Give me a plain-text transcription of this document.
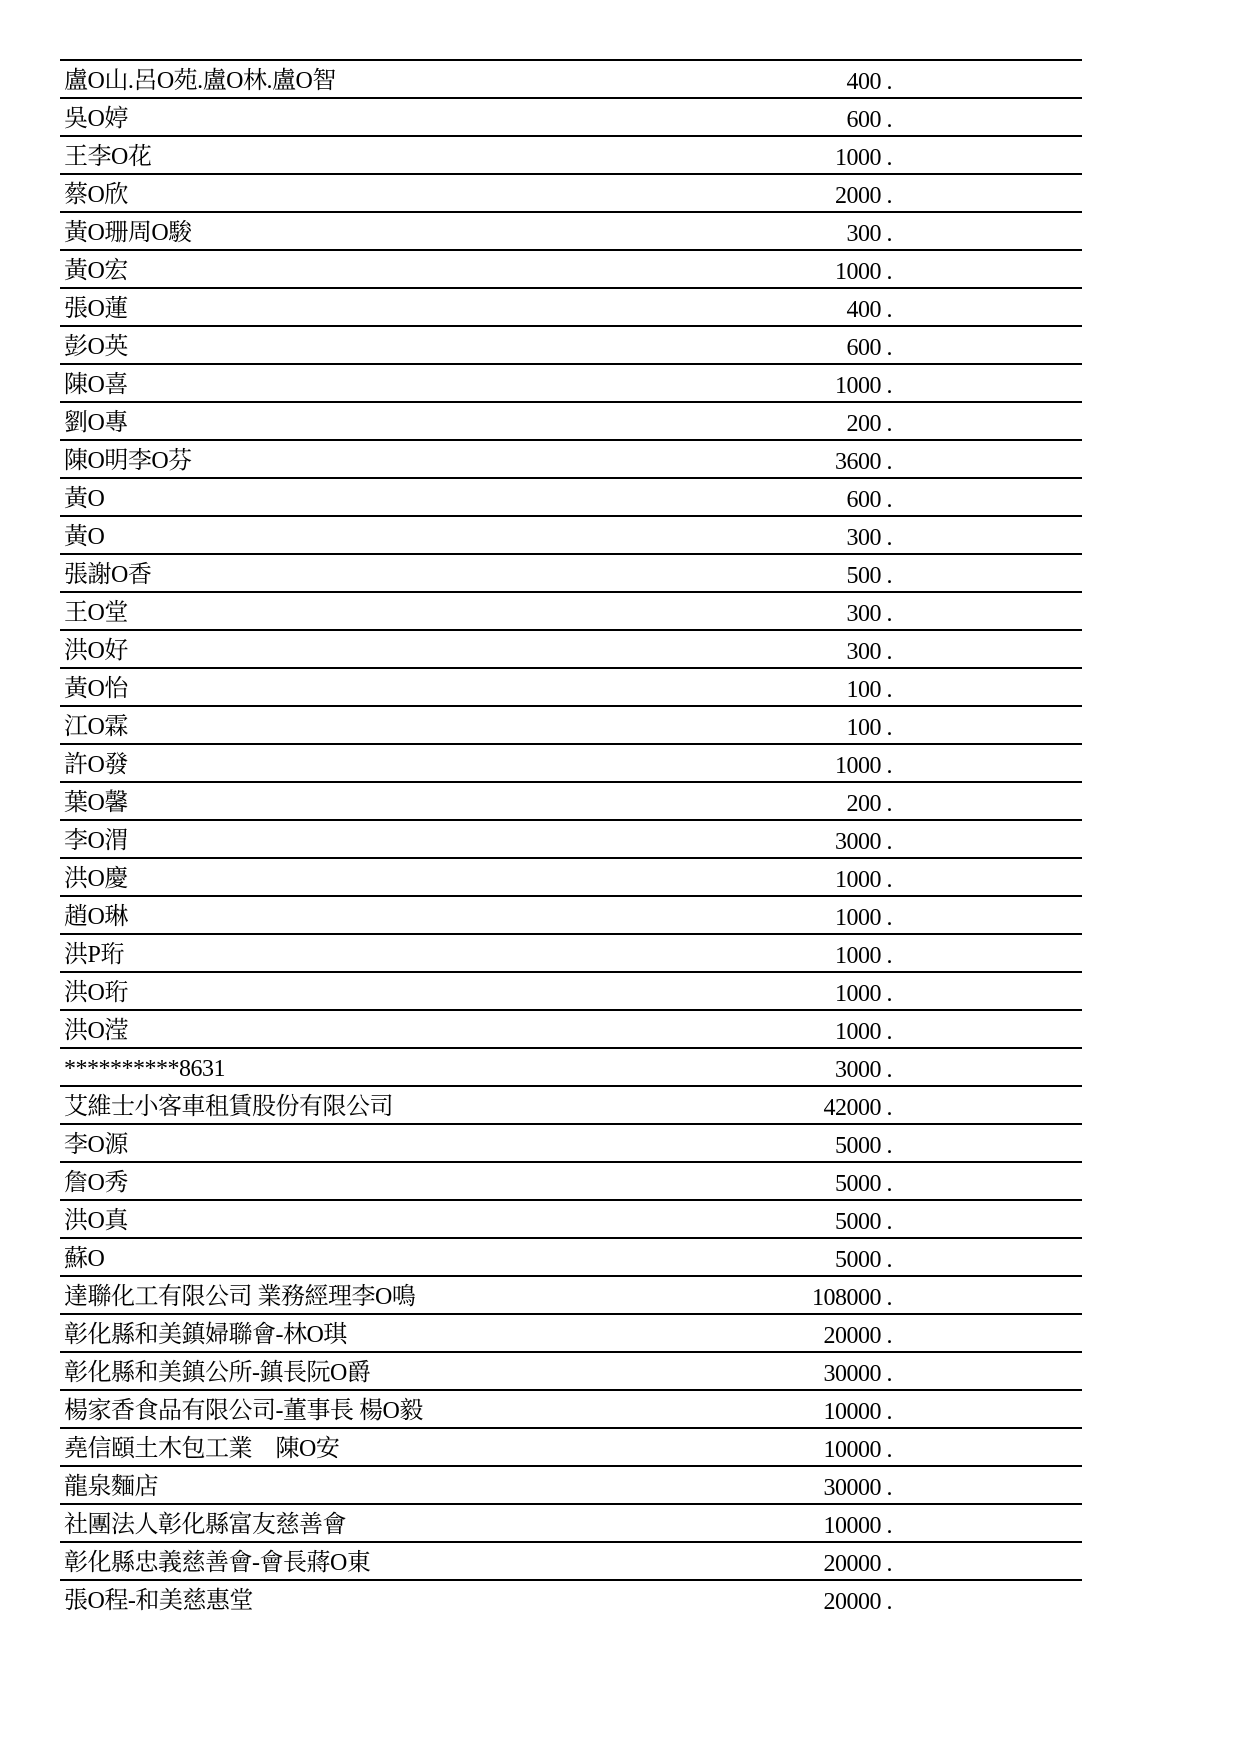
盧O山.呂O苑.盧O林.盧O智	400 .
吳O婷	600 .
王李O花	1000 .
蔡O欣	2000 .
黃O珊周O駿	300 .
黃O宏	1000 .
張O蓮	400 .
彭O英	600 .
陳O喜	1000 .
劉O專	200 .
陳O明李O芬	3600 .
黃O	600 .
黃O	300 .
張謝O香	500 .
王O堂	300 .
洪O好	300 .
黃O怡	100 .
江O霖	100 .
許O發	1000 .
葉O馨	200 .
李O渭	3000 .
洪O慶	1000 .
趙O琳	1000 .
洪P珩	1000 .
洪O珩	1000 .
洪O滢	1000 .
**********8631	3000 .
艾維士小客車租賃股份有限公司	42000 .
李O源	5000 .
詹O秀	5000 .
洪O真	5000 .
蘇O	5000 .
達聯化工有限公司 業務經理李O鳴	108000 .
彰化縣和美鎮婦聯會-林O琪	20000 .
彰化縣和美鎮公所-鎮長阮O爵	30000 .
楊家香食品有限公司-董事長 楊O毅	10000 .
堯信頤土木包工業　陳O安	10000 .
龍泉麵店	30000 .
社團法人彰化縣富友慈善會	10000 .
彰化縣忠義慈善會-會長蔣O東	20000 .
張O程-和美慈惠堂	20000 .
